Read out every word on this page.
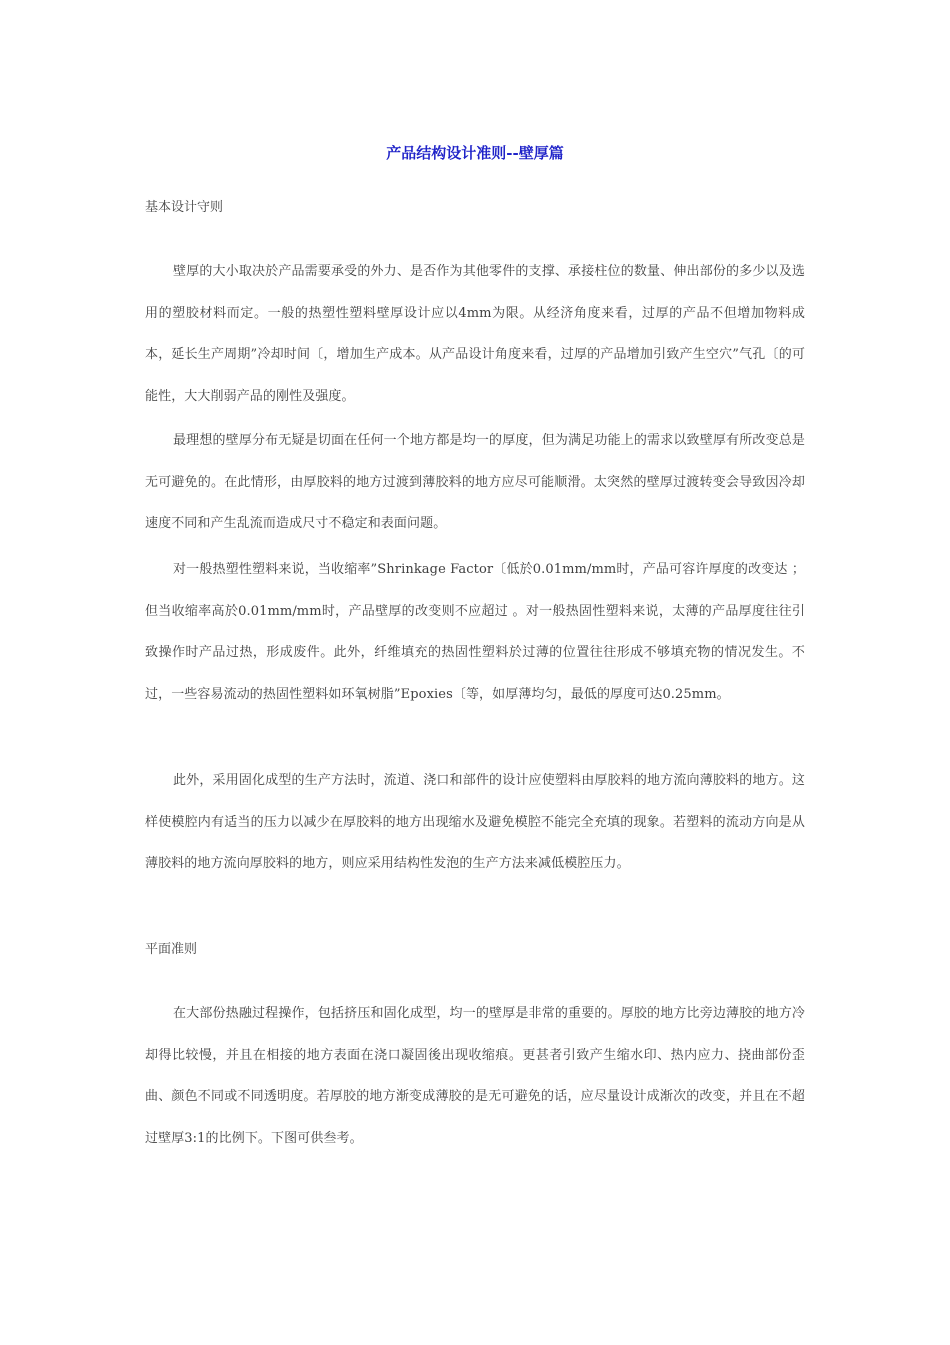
产品结构设计准则--壁厚篇
基本设计守则
壁厚的大小取决於产品需要承受的外力、是否作为其他零件的支撑、承接柱位的数量、伸出部份的多少以及选用的塑胶材料而定。一般的热塑性塑料壁厚设计应以4mm为限。从经济角度来看，过厚的产品不但增加物料成本，延长生产周期”冷却时间〔，增加生产成本。从产品设计角度来看，过厚的产品增加引致产生空穴”气孔〔的可能性，大大削弱产品的刚性及强度。
最理想的壁厚分布无疑是切面在任何一个地方都是均一的厚度，但为满足功能上的需求以致壁厚有所改变总是无可避免的。在此情形，由厚胶料的地方过渡到薄胶料的地方应尽可能顺滑。太突然的壁厚过渡转变会导致因冷却速度不同和产生乱流而造成尺寸不稳定和表面问题。
对一般热塑性塑料来说，当收缩率”Shrinkage Factor〔低於0.01mm/mm时，产品可容许厚度的改变达 ；但当收缩率高於0.01mm/mm时，产品壁厚的改变则不应超过 。对一般热固性塑料来说，太薄的产品厚度往往引致操作时产品过热，形成废件。此外，纤维填充的热固性塑料於过薄的位置往往形成不够填充物的情况发生。不过，一些容易流动的热固性塑料如环氧树脂”Epoxies〔等，如厚薄均匀，最低的厚度可达0.25mm。
此外，采用固化成型的生产方法时，流道、浇口和部件的设计应使塑料由厚胶料的地方流向薄胶料的地方。这样使模腔内有适当的压力以减少在厚胶料的地方出现缩水及避免模腔不能完全充填的现象。若塑料的流动方向是从薄胶料的地方流向厚胶料的地方，则应采用结构性发泡的生产方法来减低模腔压力。
平面准则
在大部份热融过程操作，包括挤压和固化成型，均一的壁厚是非常的重要的。厚胶的地方比旁边薄胶的地方冷却得比较慢，并且在相接的地方表面在浇口凝固後出现收缩痕。更甚者引致产生缩水印、热内应力、挠曲部份歪曲、颜色不同或不同透明度。若厚胶的地方渐变成薄胶的是无可避免的话，应尽量设计成渐次的改变，并且在不超过壁厚3:1的比例下。下图可供叁考。
